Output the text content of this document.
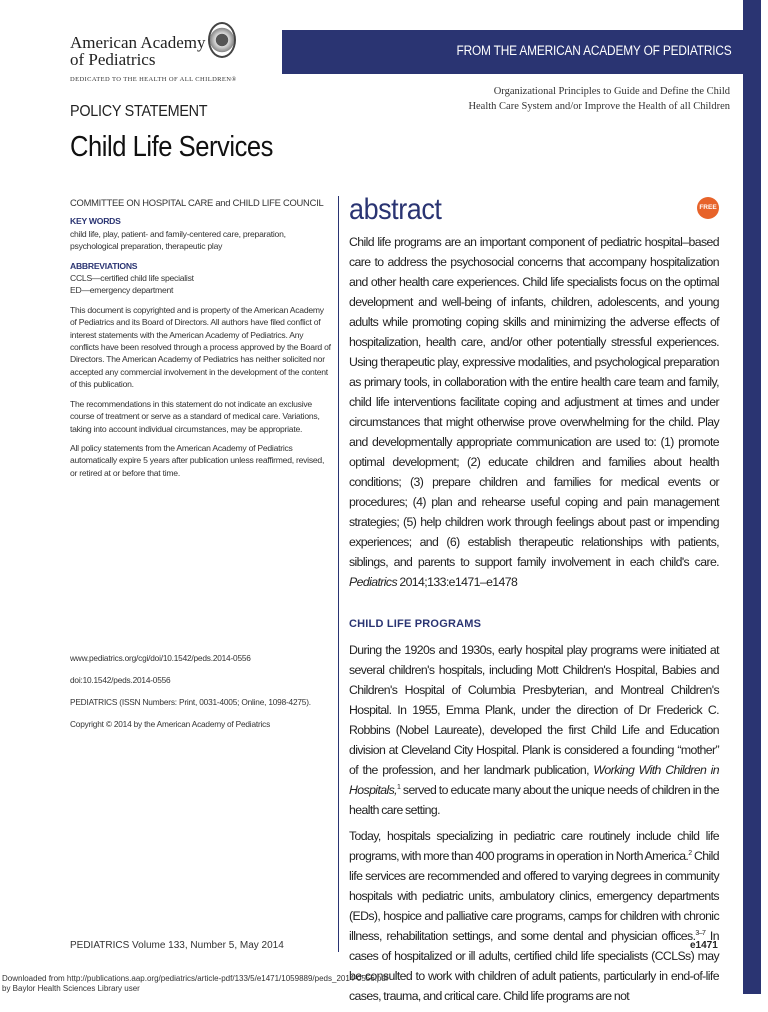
American Academy
of Pediatrics
DEDICATED TO THE HEALTH OF ALL CHILDREN®
FROM THE AMERICAN ACADEMY OF PEDIATRICS
Organizational Principles to Guide and Define the Child
Health Care System and/or Improve the Health of all Children
POLICY STATEMENT
Child Life Services

COMMITTEE ON HOSPITAL CARE and CHILD LIFE COUNCIL

KEY WORDS

child life, play, patient- and family-centered care, preparation, psychological preparation, therapeutic play

ABBREVIATIONS

CCLS—certified child life specialist

ED—emergency department

This document is copyrighted and is property of the American Academy of Pediatrics and its Board of Directors. All authors have filed conflict of interest statements with the American Academy of Pediatrics. Any conflicts have been resolved through a process approved by the Board of Directors. The American Academy of Pediatrics has neither solicited nor accepted any commercial involvement in the development of the content of this publication.

The recommendations in this statement do not indicate an exclusive course of treatment or serve as a standard of medical care. Variations, taking into account individual circumstances, may be appropriate.

All policy statements from the American Academy of Pediatrics automatically expire 5 years after publication unless reaffirmed, revised, or retired at or before that time.

www.pediatrics.org/cgi/doi/10.1542/peds.2014-0556

doi:10.1542/peds.2014-0556

PEDIATRICS (ISSN Numbers: Print, 0031-4005; Online, 1098-4275).

Copyright © 2014 by the American Academy of Pediatrics

abstract	FREE

Child life programs are an important component of pediatric hospital–based care to address the psychosocial concerns that accompany hospitalization and other health care experiences. Child life specialists focus on the optimal development and well-being of infants, children, adolescents, and young adults while promoting coping skills and minimizing the adverse effects of hospitalization, health care, and/or other potentially stressful experiences. Using therapeutic play, expressive modalities, and psychological preparation as primary tools, in collaboration with the entire health care team and family, child life interventions facilitate coping and adjustment at times and under circumstances that might otherwise prove overwhelming for the child. Play and developmentally appropriate communication are used to: (1) promote optimal development; (2) educate children and families about health conditions; (3) prepare children and families for medical events or procedures; (4) plan and rehearse useful coping and pain management strategies; (5) help children work through feelings about past or impending experiences; and (6) establish therapeutic relationships with patients, siblings, and parents to support family involvement in each child's care. Pediatrics 2014;133:e1471–e1478

CHILD LIFE PROGRAMS

During the 1920s and 1930s, early hospital play programs were initiated at several children's hospitals, including Mott Children's Hospital, Babies and Children's Hospital of Columbia Presbyterian, and Montreal Children's Hospital. In 1955, Emma Plank, under the direction of Dr Frederick C. Robbins (Nobel Laureate), developed the first Child Life and Education division at Cleveland City Hospital. Plank is considered a founding “mother” of the profession, and her landmark publication, Working With Children in Hospitals,$^1$ served to educate many about the unique needs of children in the health care setting.

Today, hospitals specializing in pediatric care routinely include child life programs, with more than 400 programs in operation in North America.$^2$ Child life services are recommended and offered to varying degrees in community hospitals with pediatric units, ambulatory clinics, emergency departments (EDs), hospice and palliative care programs, camps for children with chronic illness, rehabilitation settings, and some dental and physician offices.$^{3-7}$ In cases of hospitalized or ill adults, certified child life specialists (CCLSs) may be consulted to work with children of adult patients, particularly in end-of-life cases, trauma, and critical care. Child life programs are not

PEDIATRICS Volume 133, Number 5, May 2014	e1471
Downloaded from http://publications.aap.org/pediatrics/article-pdf/133/5/e1471/1059889/peds_2014-0556.pdf
by Baylor Health Sciences Library user
